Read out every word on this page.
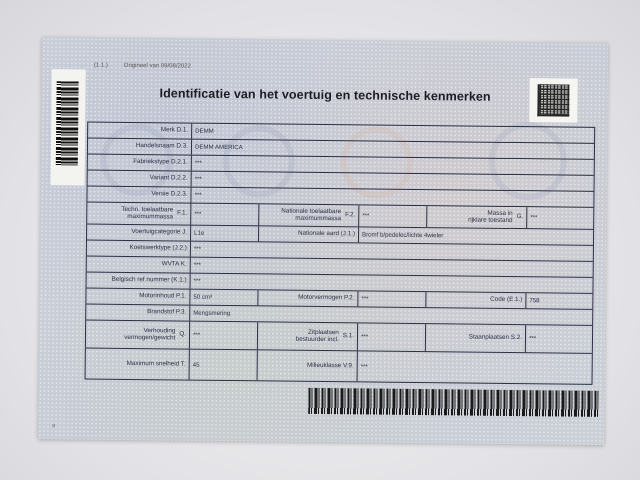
(1.1.)	Origineel van 09/08/2022
Identificatie van het voertuig en technische kenmerken
Merk D.1.	DEMM
Handelsnaam D.3.	DEMM AMERICA
Fabriekstype D.2.1.	***
Variant D.2.2.	***
Versie D.2.3.	***
Techn. toelaatbare
maximummassa F.1.	***	Nationale toelaatbare
maximummassa F.2.	***	Massa in
rijklare toestand G.	***
Voertuigcategorie J.	L1e	Nationale aard (J.1.)	Bromf b/pedelec/lichte 4wieler
Koetswerktype (J.2.)	***
WVTA K.	***
Belgisch ref.nummer (K.1.)	***
Motorinhoud P.1.	50 cm³	Motorvermogen P.2.	***	Code (E.1.)	758
Brandstof P.3.	Mengsmering
Verhouding
vermogen/gewicht Q.	***	Zitplaatsen
bestuurder incl. S.1.	***	Staanplaatsen S.2.	***
Maximum snelheid T.	45	Milieuklasse V.9.	***
a
